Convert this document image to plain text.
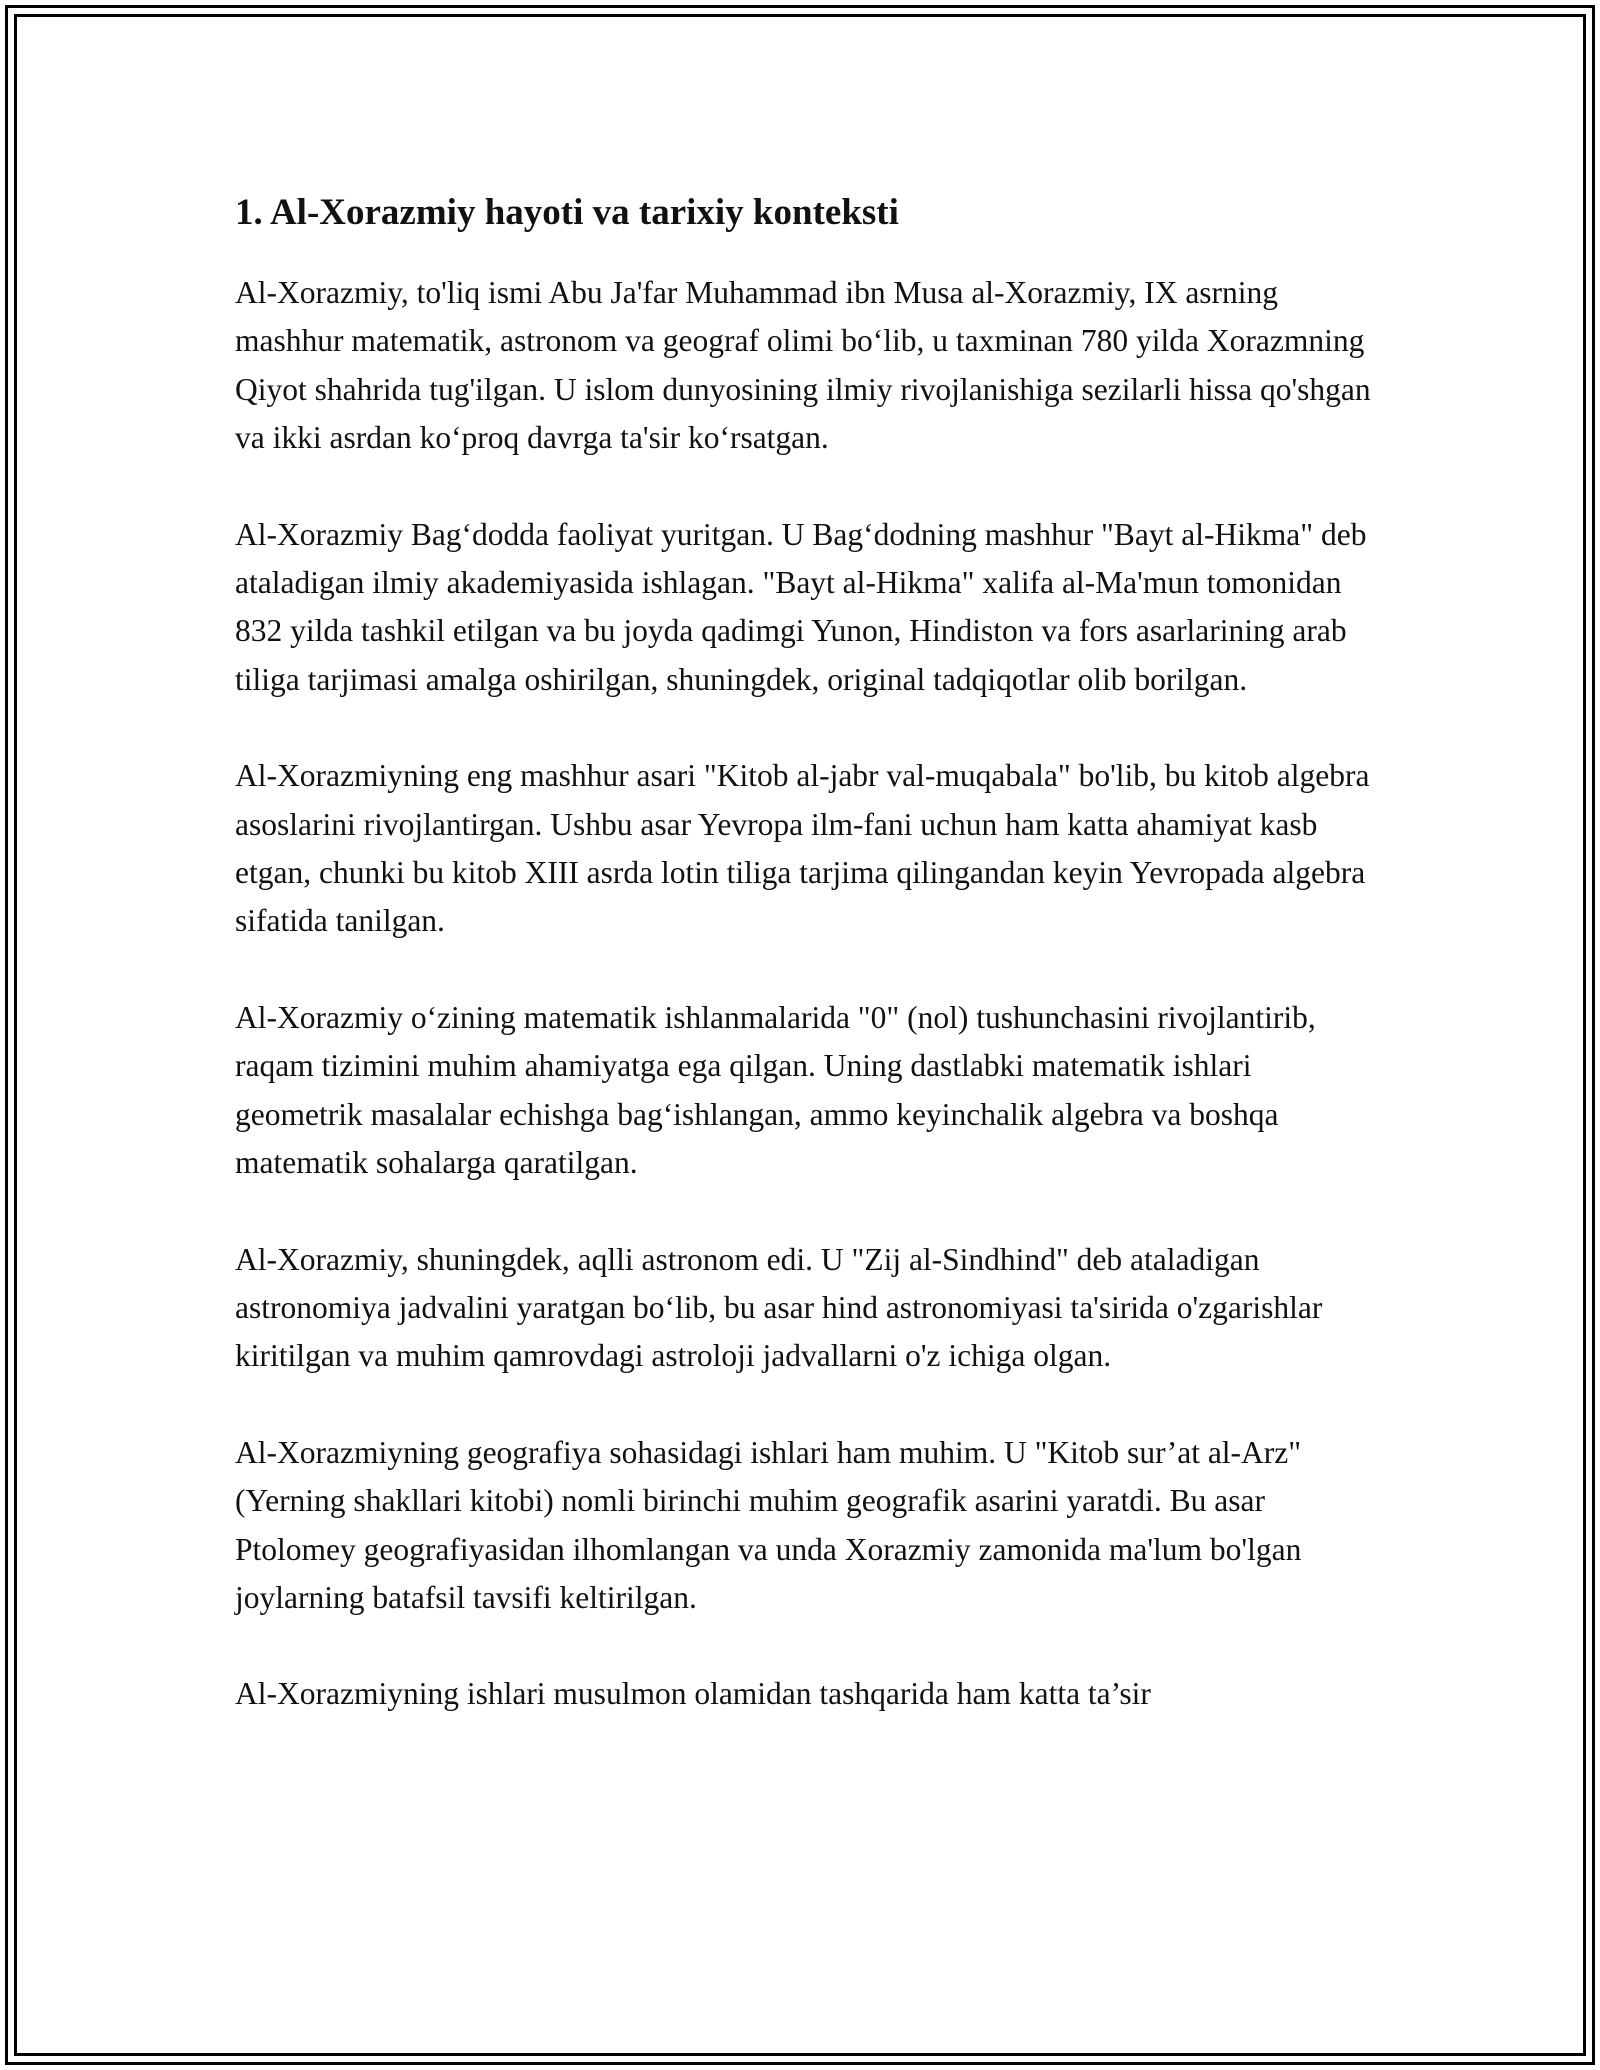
1. Al-Xorazmiy hayoti va tarixiy konteksti

Al-Xorazmiy, to'liq ismi Abu Ja'far Muhammad ibn Musa al-Xorazmiy, IX asrning mashhur matematik, astronom va geograf olimi bo‘lib, u taxminan 780 yilda Xorazmning Qiyot shahrida tug'ilgan. U islom dunyosining ilmiy rivojlanishiga sezilarli hissa qo'shgan va ikki asrdan ko‘proq davrga ta'sir ko‘rsatgan.

Al-Xorazmiy Bag‘dodda faoliyat yuritgan. U Bag‘dodning mashhur "Bayt al-Hikma" deb ataladigan ilmiy akademiyasida ishlagan. "Bayt al-Hikma" xalifa al-Ma'mun tomonidan 832 yilda tashkil etilgan va bu joyda qadimgi Yunon, Hindiston va fors asarlarining arab tiliga tarjimasi amalga oshirilgan, shuningdek, original tadqiqotlar olib borilgan.

Al-Xorazmiyning eng mashhur asari "Kitob al-jabr val-muqabala" bo'lib, bu kitob algebra asoslarini rivojlantirgan. Ushbu asar Yevropa ilm-fani uchun ham katta ahamiyat kasb etgan, chunki bu kitob XIII asrda lotin tiliga tarjima qilingandan keyin Yevropada algebra sifatida tanilgan.

Al-Xorazmiy o‘zining matematik ishlanmalarida "0" (nol) tushunchasini rivojlantirib, raqam tizimini muhim ahamiyatga ega qilgan. Uning dastlabki matematik ishlari geometrik masalalar echishga bag‘ishlangan, ammo keyinchalik algebra va boshqa matematik sohalarga qaratilgan.

Al-Xorazmiy, shuningdek, aqlli astronom edi. U "Zij al-Sindhind" deb ataladigan astronomiya jadvalini yaratgan bo‘lib, bu asar hind astronomiyasi ta'sirida o'zgarishlar kiritilgan va muhim qamrovdagi astroloji jadvallarni o'z ichiga olgan.

Al-Xorazmiyning geografiya sohasidagi ishlari ham muhim. U "Kitob sur’at al-Arz" (Yerning shakllari kitobi) nomli birinchi muhim geografik asarini yaratdi. Bu asar Ptolomey geografiyasidan ilhomlangan va unda Xorazmiy zamonida ma'lum bo'lgan joylarning batafsil tavsifi keltirilgan.

Al-Xorazmiyning ishlari musulmon olamidan tashqarida ham katta ta’sir
